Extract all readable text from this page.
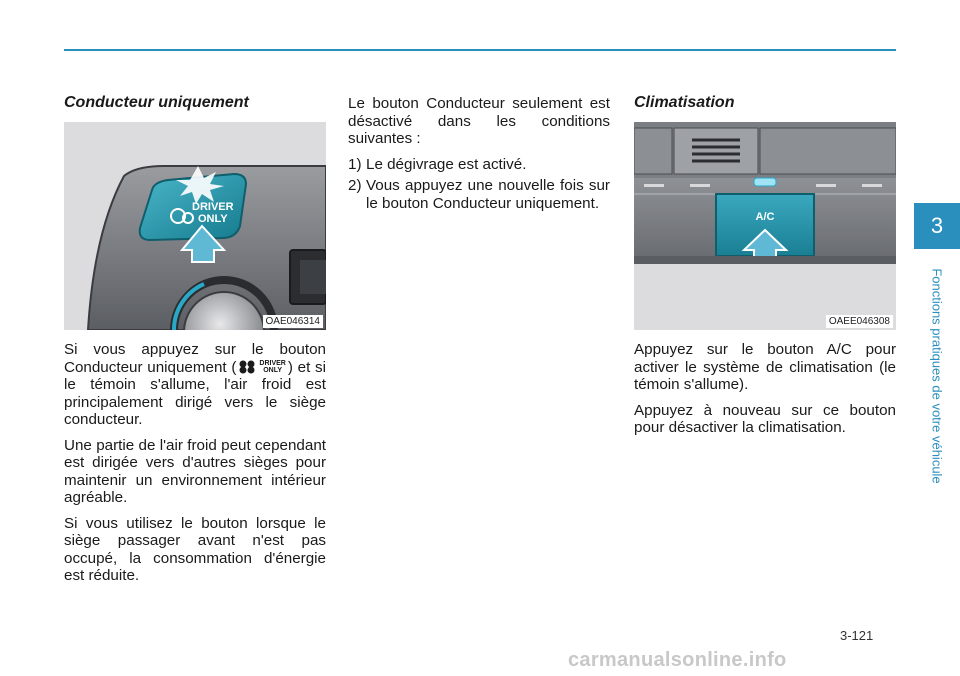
Conducteur uniquement
DRIVER
ONLY
OAE046314

Si vous appuyez sur le bouton Conducteur uniquement (	DRIVER
ONLY ) et si le témoin s'allume, l'air froid est principalement dirigé vers le siège conducteur.

Une partie de l'air froid peut cependant est dirigée vers d'autres sièges pour maintenir un environnement intérieur agréable.

Si vous utilisez le bouton lorsque le siège passager avant n'est pas occupé, la consommation d'énergie est réduite.

Le bouton Conducteur seulement est désactivé dans les conditions suivantes :

1) Le dégivrage est activé.
2) Vous appuyez une nouvelle fois sur le bouton Conducteur uniquement.
Climatisation
A/C
OAEE046308

Appuyez sur le bouton A/C pour activer le système de climatisation (le témoin s'allume).

Appuyez à nouveau sur ce bouton pour désactiver la climatisation.

3
Fonctions pratiques de votre véhicule
3-121
carmanualsonline.info
